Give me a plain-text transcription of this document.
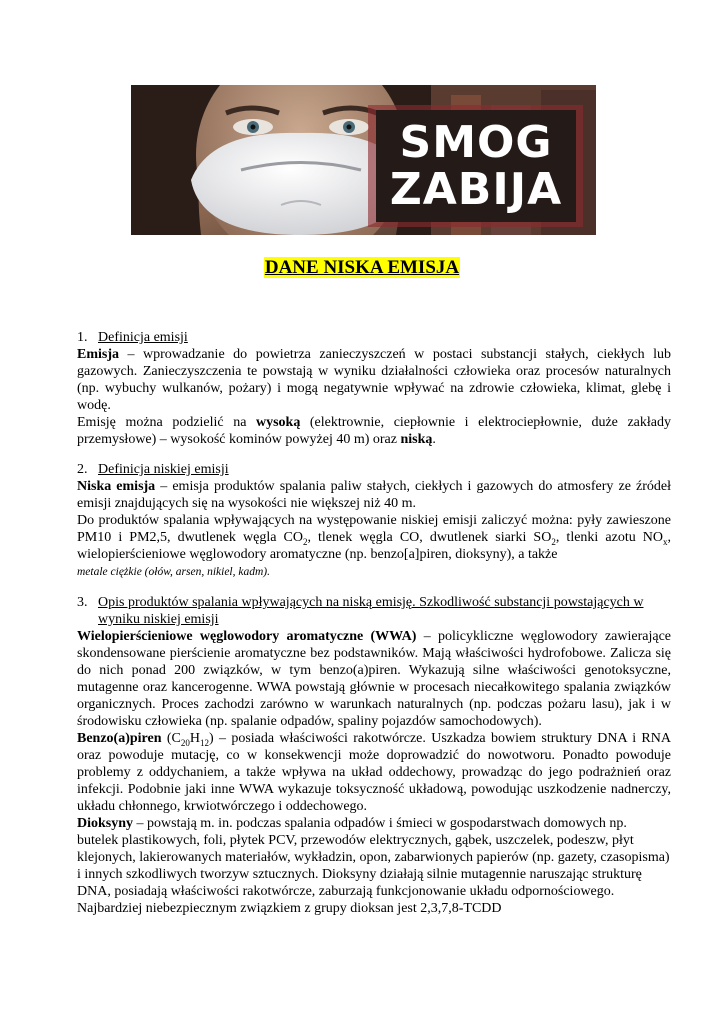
SMOG
ZABIJA
DANE NISKA EMISJA
1. Definicja emisji

Emisja – wprowadzanie do powietrza zanieczyszczeń w postaci substancji stałych, ciekłych lub gazowych. Zanieczyszczenia te powstają w wyniku działalności człowieka oraz procesów naturalnych (np. wybuchy wulkanów, pożary) i mogą negatywnie wpływać na zdrowie człowieka, klimat, glebę i wodę.

Emisję można podzielić na wysoką (elektrownie, ciepłownie i elektrociepłownie, duże zakłady przemysłowe) – wysokość kominów powyżej 40 m) oraz niską.

2. Definicja niskiej emisji

Niska emisja – emisja produktów spalania paliw stałych, ciekłych i gazowych do atmosfery ze źródeł emisji znajdujących się na wysokości nie większej niż 40 m.

Do produktów spalania wpływających na występowanie niskiej emisji zaliczyć można: pyły zawieszone PM10 i PM2,5, dwutlenek węgla $CO_2$, tlenek węgla CO, dwutlenek siarki $SO_2$, tlenki azotu $NO_x$, wielopierścieniowe węglowodory aromatyczne (np. benzo[a]piren, dioksyny), a także
metale ciężkie (ołów, arsen, nikiel, kadm).

3. Opis produktów spalania wpływających na niską emisję. Szkodliwość substancji powstających w wyniku niskiej emisji

Wielopierścieniowe węglowodory aromatyczne (WWA) – policykliczne węglowodory zawierające skondensowane pierścienie aromatyczne bez podstawników. Mają właściwości hydrofobowe. Zalicza się do nich ponad 200 związków, w tym benzo(a)piren. Wykazują silne właściwości genotoksyczne, mutagenne oraz kancerogenne. WWA powstają głównie w procesach niecałkowitego spalania związków organicznych. Proces zachodzi zarówno w warunkach naturalnych (np. podczas pożaru lasu), jak i w środowisku człowieka (np. spalanie odpadów, spaliny pojazdów samochodowych).

Benzo(a)piren $(C_{20}H_{12})$ – posiada właściwości rakotwórcze. Uszkadza bowiem struktury DNA i RNA oraz powoduje mutację, co w konsekwencji może doprowadzić do nowotworu. Ponadto powoduje problemy z oddychaniem, a także wpływa na układ oddechowy, prowadząc do jego podrażnień oraz infekcji. Podobnie jaki inne WWA wykazuje toksyczność układową, powodując uszkodzenie nadnerczy, układu chłonnego, krwiotwórczego i oddechowego.

Dioksyny – powstają m. in. podczas spalania odpadów i śmieci w gospodarstwach domowych np. butelek plastikowych, foli, płytek PCV, przewodów elektrycznych, gąbek, uszczelek, podeszw, płyt klejonych, lakierowanych materiałów, wykładzin, opon, zabarwionych papierów (np. gazety, czasopisma) i innych szkodliwych tworzyw sztucznych. Dioksyny działają silnie mutagennie naruszając strukturę DNA, posiadają właściwości rakotwórcze, zaburzają funkcjonowanie układu odpornościowego. Najbardziej niebezpiecznym związkiem z grupy dioksan jest 2,3,7,8-TCDD
